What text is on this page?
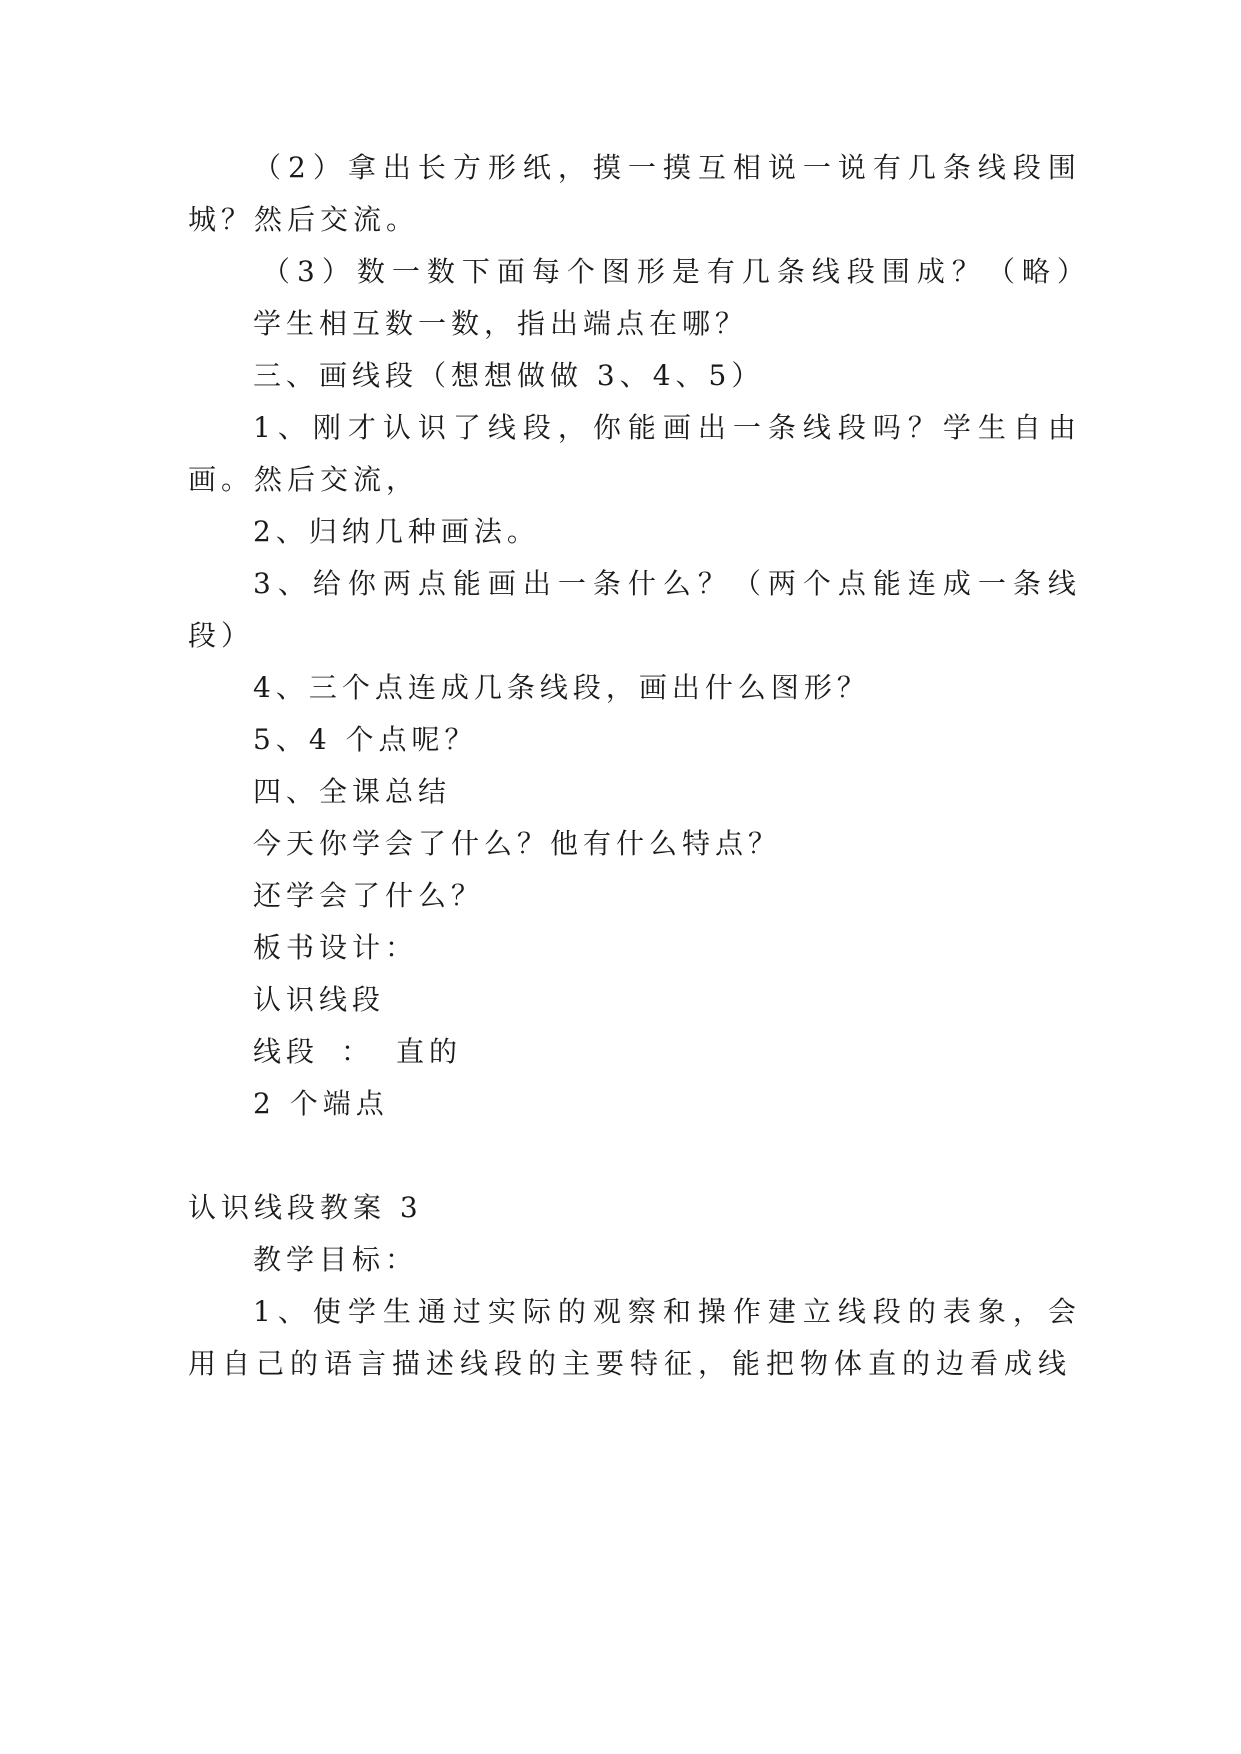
（2）拿出长方形纸，摸一摸互相说一说有几条线段围
城？然后交流。
（3）数一数下面每个图形是有几条线段围成？（略）
学生相互数一数，指出端点在哪？
三、画线段（想想做做 3、4、5）
1、刚才认识了线段，你能画出一条线段吗？学生自由
画。然后交流，
2、归纳几种画法。
3、给你两点能画出一条什么？（两个点能连成一条线
段）
4、三个点连成几条线段，画出什么图形？
5、4 个点呢？
四、全课总结
今天你学会了什么？他有什么特点？
还学会了什么？
板书设计：
认识线段
线段 ： 直的
2 个端点
认识线段教案 3
教学目标：
1、使学生通过实际的观察和操作建立线段的表象，会
用自己的语言描述线段的主要特征，能把物体直的边看成线
